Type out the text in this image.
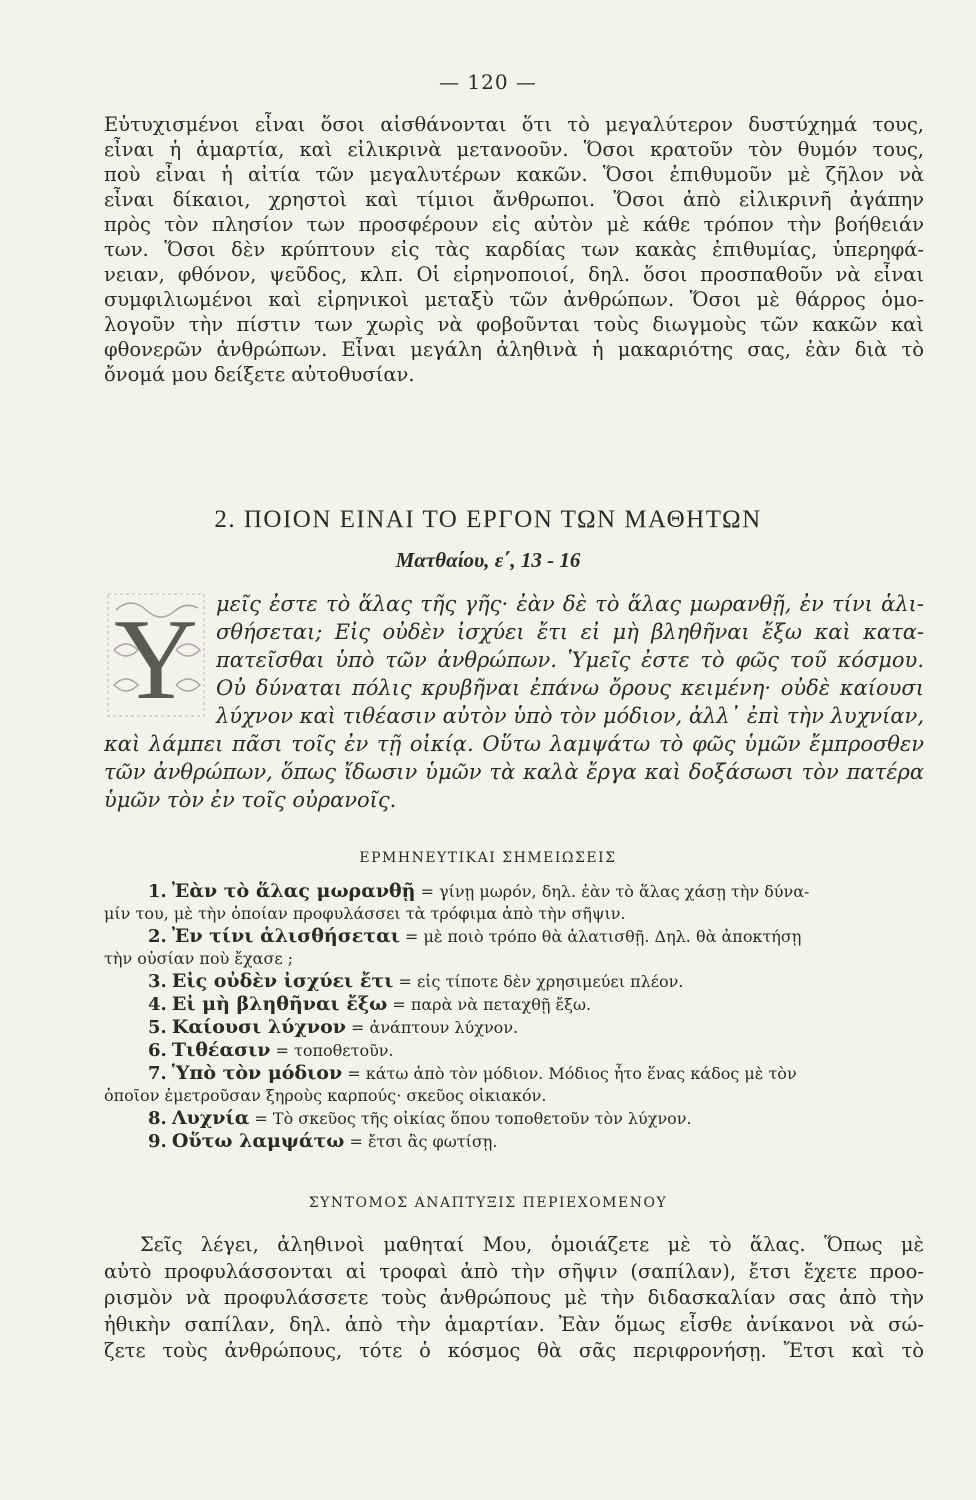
— 120 —
Εὐτυχισμένοι εἶναι ὅσοι αἰσθάνονται ὅτι τὸ μεγαλύτερον δυστύχημά τους,
εἶναι ἡ ἁμαρτία, καὶ εἰλικρινὰ μετανοοῦν. Ὅσοι κρατοῦν τὸν θυμόν τους,
ποὺ εἶναι ἡ αἰτία τῶν μεγαλυτέρων κακῶν. Ὅσοι ἐπιθυμοῦν μὲ ζῆλον νὰ
εἶναι δίκαιοι, χρηστοὶ καὶ τίμιοι ἄνθρωποι. Ὅσοι ἀπὸ εἰλικρινῆ ἀγάπην
πρὸς τὸν πλησίον των προσφέρουν εἰς αὐτὸν μὲ κάθε τρόπον τὴν βοήθειάν
των. Ὅσοι δὲν κρύπτουν εἰς τὰς καρδίας των κακὰς ἐπιθυμίας, ὑπερηφά-
νειαν, φθόνον, ψεῦδος, κλπ. Οἱ εἰρηνοποιοί, δηλ. ὅσοι προσπαθοῦν νὰ εἶναι
συμφιλιωμένοι καὶ εἰρηνικοὶ μεταξὺ τῶν ἀνθρώπων. Ὅσοι μὲ θάρρος ὁμο-
λογοῦν τὴν πίστιν των χωρὶς νὰ φοβοῦνται τοὺς διωγμοὺς τῶν κακῶν καὶ
φθονερῶν ἀνθρώπων. Εἶναι μεγάλη ἀληθινὰ ἡ μακαριότης σας, ἐὰν διὰ τὸ
ὄνομά μου δείξετε αὐτοθυσίαν.
2. ΠΟΙΟΝ ΕΙΝΑΙ ΤΟ ΕΡΓΟΝ ΤΩΝ ΜΑΘΗΤΩΝ
Ματθαίου, ε΄, 13 - 16
Υ μεῖς ἐστε τὸ ἅλας τῆς γῆς· ἐὰν δὲ τὸ ἅλας μωρανθῇ, ἐν τίνι ἁλι-
σθήσεται; Εἰς οὐδὲν ἰσχύει ἔτι εἰ μὴ βληθῆναι ἔξω καὶ κατα-
πατεῖσθαι ὑπὸ τῶν ἀνθρώπων. Ὑμεῖς ἐστε τὸ φῶς τοῦ κόσμου.
Οὐ δύναται πόλις κρυβῆναι ἐπάνω ὄρους κειμένη· οὐδὲ καίουσι
λύχνον καὶ τιθέασιν αὐτὸν ὑπὸ τὸν μόδιον, ἀλλ᾽ ἐπὶ τὴν λυχνίαν,
καὶ λάμπει πᾶσι τοῖς ἐν τῇ οἰκίᾳ. Οὕτω λαμψάτω τὸ φῶς ὑμῶν ἔμπροσθεν
τῶν ἀνθρώπων, ὅπως ἴδωσιν ὑμῶν τὰ καλὰ ἔργα καὶ δοξάσωσι τὸν πατέρα
ὑμῶν τὸν ἐν τοῖς οὐρανοῖς.
ΕΡΜΗΝΕΥΤΙΚΑΙ ΣΗΜΕΙΩΣΕΙΣ
1. Ἐὰν τὸ ἅλας μωρανθῇ = γίνῃ μωρόν, δηλ. ἐὰν τὸ ἅλας χάσῃ τὴν δύνα-
μίν του, μὲ τὴν ὁποίαν προφυλάσσει τὰ τρόφιμα ἀπὸ τὴν σῆψιν.
2. Ἐν τίνι ἁλισθήσεται = μὲ ποιὸ τρόπο θὰ ἁλατισθῇ. Δηλ. θὰ ἀποκτήσῃ
τὴν οὐσίαν ποὺ ἔχασε ;
3. Εἰς οὐδὲν ἰσχύει ἔτι = εἰς τίποτε δὲν χρησιμεύει πλέον.
4. Εἰ μὴ βληθῆναι ἔξω = παρὰ νὰ πεταχθῇ ἔξω.
5. Καίουσι λύχνον = ἀνάπτουν λύχνον.
6. Τιθέασιν = τοποθετοῦν.
7. Ὑπὸ τὸν μόδιον = κάτω ἀπὸ τὸν μόδιον. Μόδιος ἦτο ἕνας κάδος μὲ τὸν
ὁποῖον ἐμετροῦσαν ξηροὺς καρπούς· σκεῦος οἰκιακόν.
8. Λυχνία = Τὸ σκεῦος τῆς οἰκίας ὅπου τοποθετοῦν τὸν λύχνον.
9. Οὕτω λαμψάτω = ἔτσι ἂς φωτίσῃ.
ΣΥΝΤΟΜΟΣ ΑΝΑΠΤΥΞΙΣ ΠΕΡΙΕΧΟΜΕΝΟΥ
Σεῖς λέγει, ἀληθινοὶ μαθηταί Μου, ὁμοιάζετε μὲ τὸ ἅλας. Ὅπως μὲ
αὐτὸ προφυλάσσονται αἱ τροφαὶ ἀπὸ τὴν σῆψιν (σαπίλαν), ἔτσι ἔχετε προο-
ρισμὸν νὰ προφυλάσσετε τοὺς ἀνθρώπους μὲ τὴν διδασκαλίαν σας ἀπὸ τὴν
ἠθικὴν σαπίλαν, δηλ. ἀπὸ τὴν ἁμαρτίαν. Ἐὰν ὅμως εἶσθε ἀνίκανοι νὰ σώ-
ζετε τοὺς ἀνθρώπους, τότε ὁ κόσμος θὰ σᾶς περιφρονήσῃ. Ἔτσι καὶ τὸ
